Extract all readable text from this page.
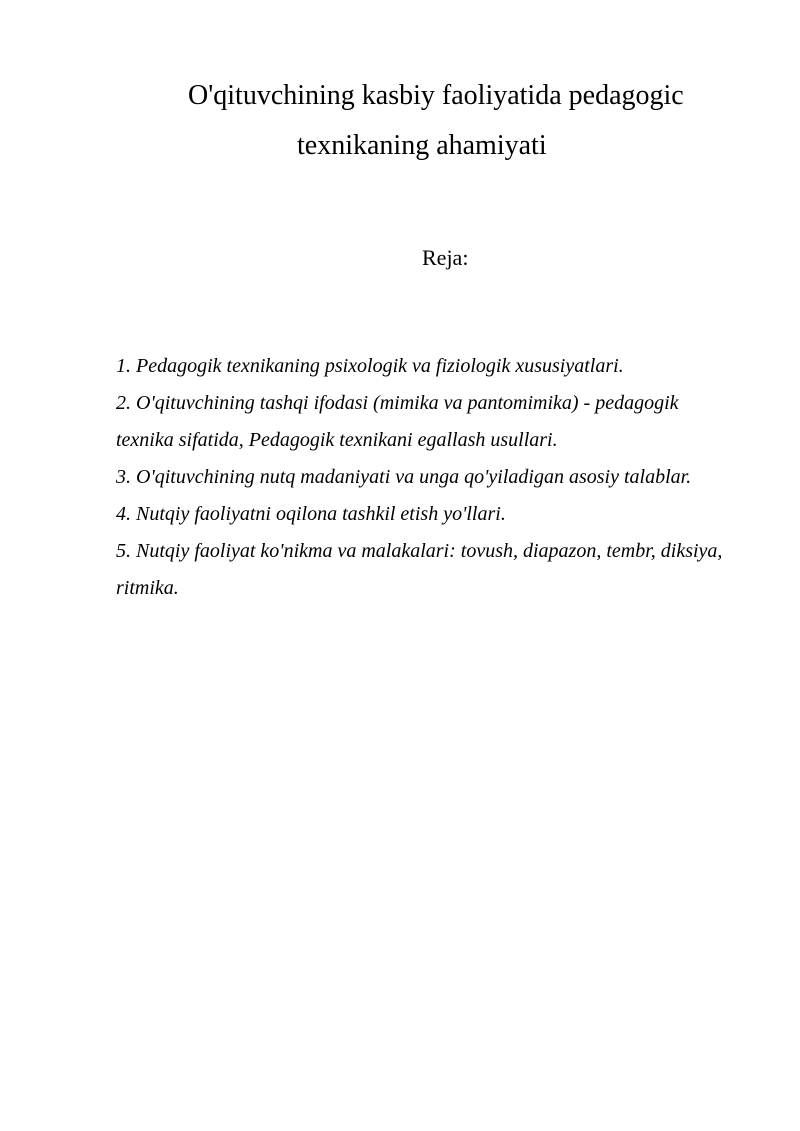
O'qituvchining kasbiy faoliyatida pedagogic
texnikaning ahamiyati
Reja:
1. Pedagogik texnikaning psixologik va fiziologik xususiyatlari.
2. O'qituvchining tashqi ifodasi (mimika va pantomimika) - pedagogik
texnika sifatida, Pedagogik texnikani egallash usullari.
3. O'qituvchining nutq madaniyati va unga qo'yiladigan asosiy talablar.
4. Nutqiy faoliyatni oqilona tashkil etish yo'llari.
5. Nutqiy faoliyat ko'nikma va malakalari: tovush, diapazon, tembr, diksiya,
ritmika.
